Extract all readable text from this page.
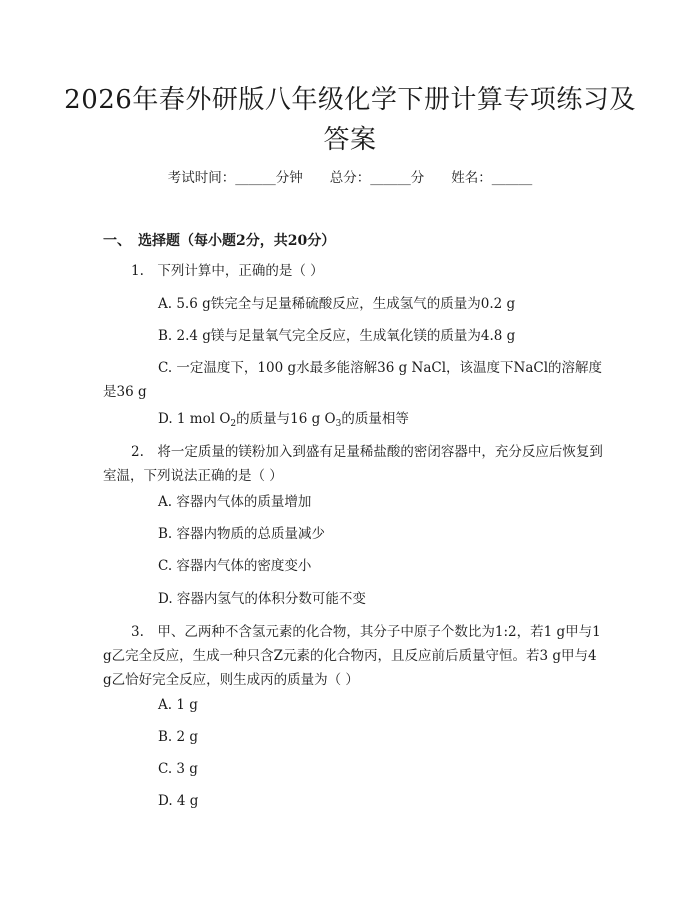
2026年春外研版八年级化学下册计算专项练习及答案
考试时间：______分钟　　总分：______分　　姓名：______
一、　选择题（每小题2分，共20分）
1.　下列计算中，正确的是（ ）
A. 5.6 g铁完全与足量稀硫酸反应，生成氢气的质量为0.2 g
B. 2.4 g镁与足量氧气完全反应，生成氧化镁的质量为4.8 g
C. 一定温度下，100 g水最多能溶解36 g NaCl，该温度下NaCl的溶解度是36 g
D. 1 mol $O_2$的质量与16 g $O_3$的质量相等
2.　将一定质量的镁粉加入到盛有足量稀盐酸的密闭容器中，充分反应后恢复到室温，下列说法正确的是（ ）
A. 容器内气体的质量增加
B. 容器内物质的总质量减少
C. 容器内气体的密度变小
D. 容器内氢气的体积分数可能不变
3.　甲、乙两种不含氢元素的化合物，其分子中原子个数比为1:2，若1 g甲与1 g乙完全反应，生成一种只含Z元素的化合物丙，且反应前后质量守恒。若3 g甲与4 g乙恰好完全反应，则生成丙的质量为（ ）
A. 1 g
B. 2 g
C. 3 g
D. 4 g
